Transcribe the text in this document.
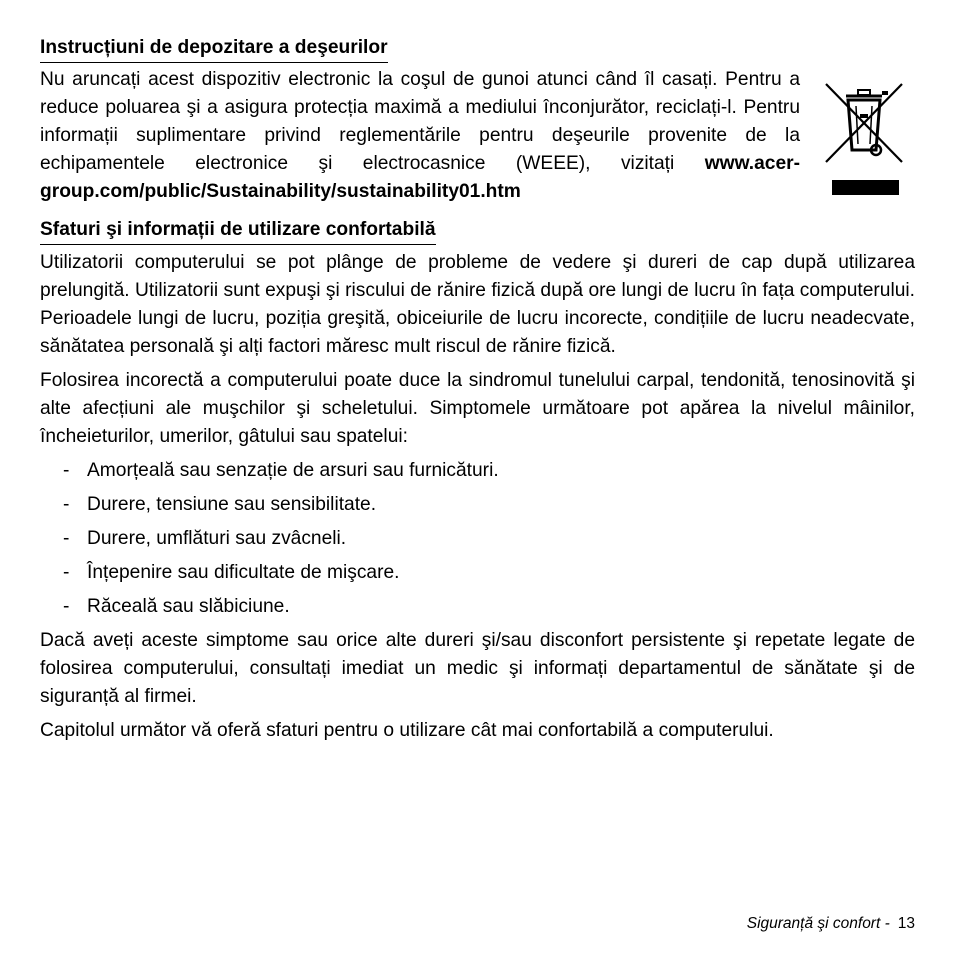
Instrucțiuni de depozitare a deşeurilor
Nu aruncați acest dispozitiv electronic la coşul de gunoi atunci când îl casați. Pentru a reduce poluarea şi a asigura protecția maximă a mediului înconjurător, reciclați-l. Pentru informații suplimentare privind reglementările pentru deşeurile provenite de la echipamentele electronice şi electrocasnice (WEEE), vizitați www.acer-group.com/public/Sustainability/sustainability01.htm
Sfaturi şi informații de utilizare confortabilă

Utilizatorii computerului se pot plânge de probleme de vedere şi dureri de cap după utilizarea prelungită. Utilizatorii sunt expuşi şi riscului de rănire fizică după ore lungi de lucru în fața computerului. Perioadele lungi de lucru, poziția greşită, obiceiurile de lucru incorecte, condițiile de lucru neadecvate, sănătatea personală şi alți factori măresc mult riscul de rănire fizică.

Folosirea incorectă a computerului poate duce la sindromul tunelului carpal, tendonită, tenosinovită şi alte afecțiuni ale muşchilor şi scheletului. Simptomele următoare pot apărea la nivelul mâinilor, încheieturilor, umerilor, gâtului sau spatelui:

- Amorțeală sau senzație de arsuri sau furnicături.
- Durere, tensiune sau sensibilitate.
- Durere, umflături sau zvâcneli.
- Înțepenire sau dificultate de mişcare.
- Răceală sau slăbiciune.

Dacă aveți aceste simptome sau orice alte dureri şi/sau disconfort persistente şi repetate legate de folosirea computerului, consultați imediat un medic şi informați departamentul de sănătate şi de siguranță al firmei.

Capitolul următor vă oferă sfaturi pentru o utilizare cât mai confortabilă a computerului.

Siguranță şi confort - 13
